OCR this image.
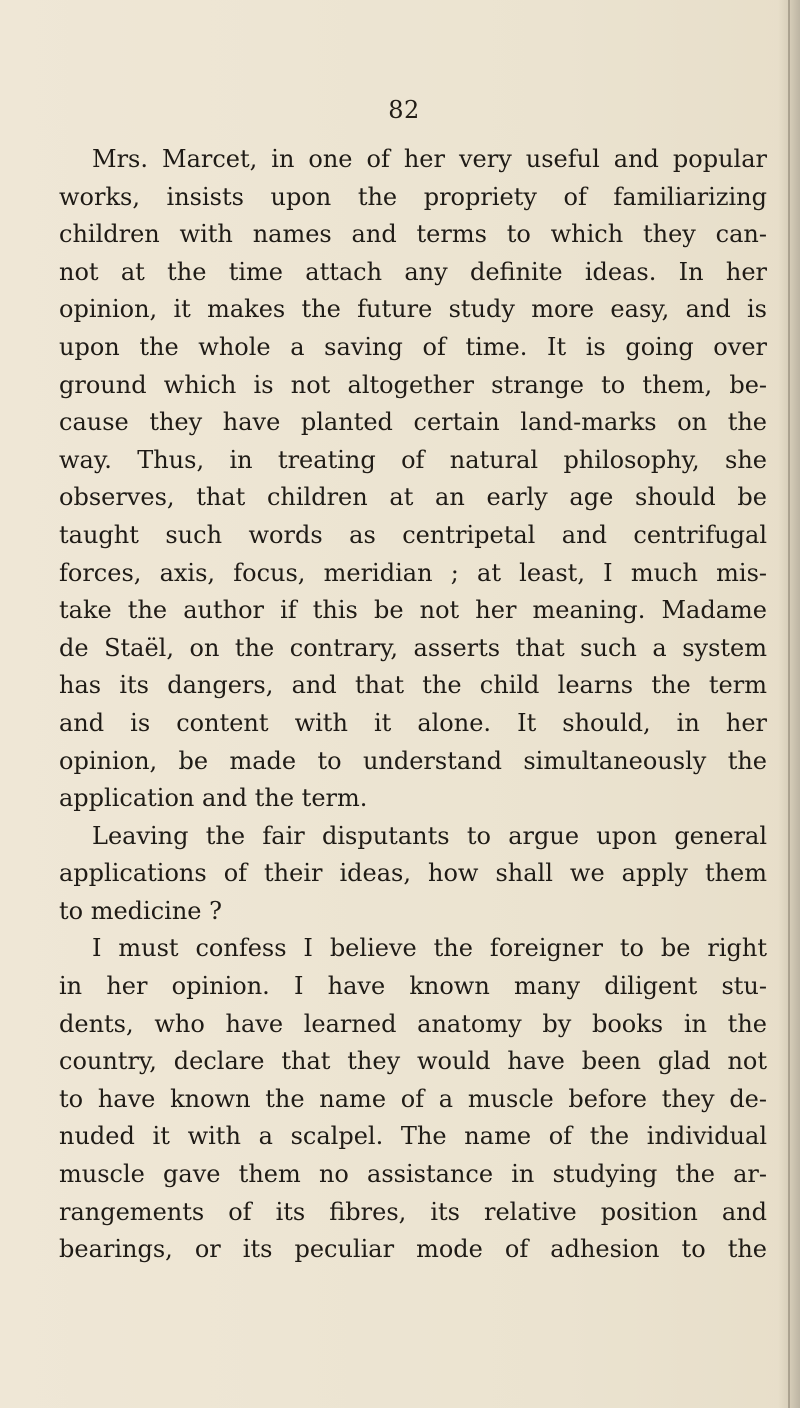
82
Mrs. Marcet, in one of her very useful and popular
works, insists upon the propriety of familiarizing
children with names and terms to which they can-
not at the time attach any definite ideas. In her
opinion, it makes the future study more easy, and is
upon the whole a saving of time. It is going over
ground which is not altogether strange to them, be-
cause they have planted certain land-marks on the
way. Thus, in treating of natural philosophy, she
observes, that children at an early age should be
taught such words as centripetal and centrifugal
forces, axis, focus, meridian ; at least, I much mis-
take the author if this be not her meaning. Madame
de Staël, on the contrary, asserts that such a system
has its dangers, and that the child learns the term
and is content with it alone. It should, in her
opinion, be made to understand simultaneously the
application and the term.
Leaving the fair disputants to argue upon general
applications of their ideas, how shall we apply them
to medicine ?
I must confess I believe the foreigner to be right
in her opinion. I have known many diligent stu-
dents, who have learned anatomy by books in the
country, declare that they would have been glad not
to have known the name of a muscle before they de-
nuded it with a scalpel. The name of the individual
muscle gave them no assistance in studying the ar-
rangements of its fibres, its relative position and
bearings, or its peculiar mode of adhesion to the
